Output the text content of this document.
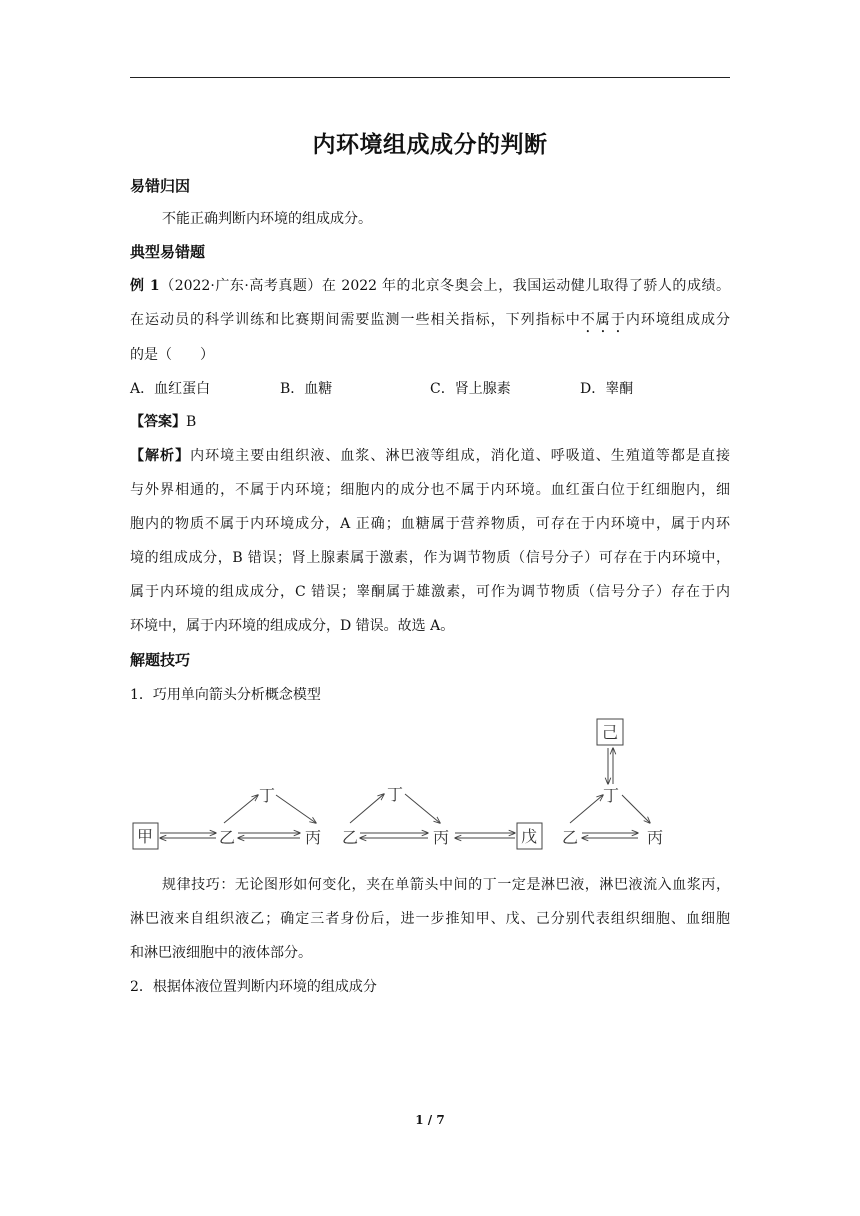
内环境组成成分的判断
易错归因
不能正确判断内环境的组成成分。
典型易错题
例 1（2022·广东·高考真题）在 2022 年的北京冬奥会上，我国运动健儿取得了骄人的成绩。
在运动员的科学训练和比赛期间需要监测一些相关指标，下列指标中不属于内环境组成成分
的是（　　）
A．血红蛋白	B．血糖	C．肾上腺素	D．睾酮
【答案】B
【解析】内环境主要由组织液、血浆、淋巴液等组成，消化道、呼吸道、生殖道等都是直接
与外界相通的，不属于内环境；细胞内的成分也不属于内环境。血红蛋白位于红细胞内，细
胞内的物质不属于内环境成分，A 正确；血糖属于营养物质，可存在于内环境中，属于内环
境的组成成分，B 错误；肾上腺素属于激素，作为调节物质（信号分子）可存在于内环境中，
属于内环境的组成成分，C 错误；睾酮属于雄激素，可作为调节物质（信号分子）存在于内
环境中，属于内环境的组成成分，D 错误。故选 A。
解题技巧
1．巧用单向箭头分析概念模型
甲	乙
丁
丙 乙
丁
丙	戊
己
丁
乙	丙
规律技巧：无论图形如何变化，夹在单箭头中间的丁一定是淋巴液，淋巴液流入血浆丙，
淋巴液来自组织液乙；确定三者身份后，进一步推知甲、戊、己分别代表组织细胞、血细胞
和淋巴液细胞中的液体部分。
2．根据体液位置判断内环境的组成成分
1 / 7
